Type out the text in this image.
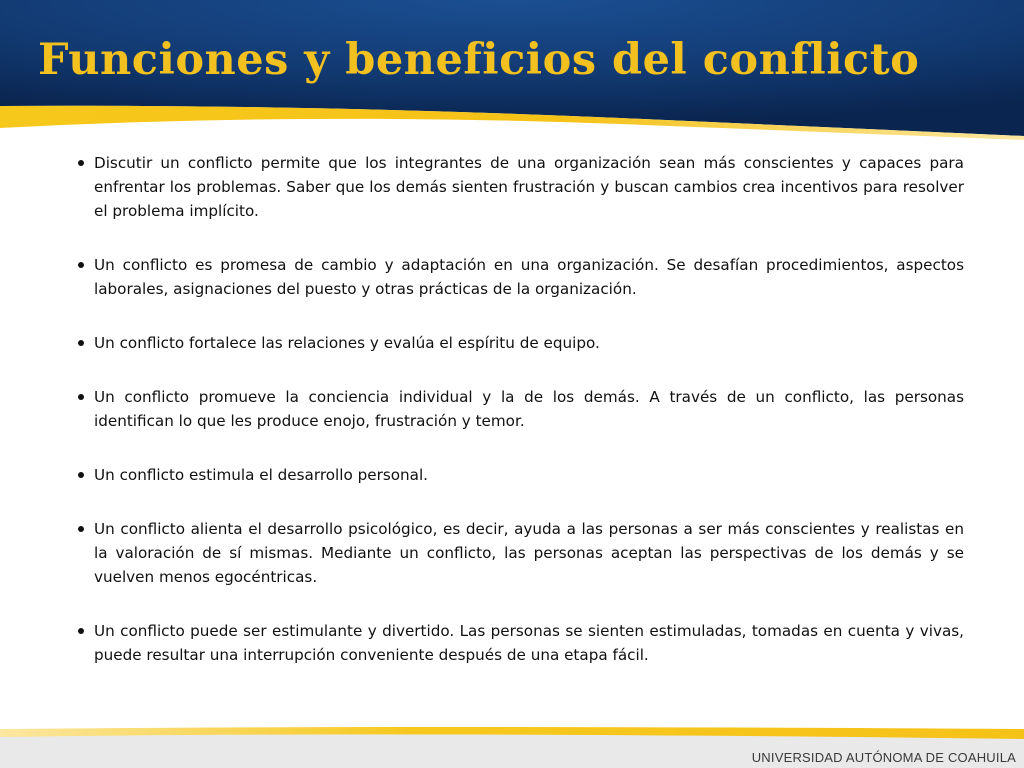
Funciones y beneficios del conflicto
Discutir un conflicto permite que los integrantes de una organización sean más conscientes y capaces para enfrentar los problemas. Saber que los demás sienten frustración y buscan cambios crea incentivos para resolver el problema implícito.
Un conflicto es promesa de cambio y adaptación en una organización. Se desafían procedimientos, aspectos laborales, asignaciones del puesto y otras prácticas de la organización.
Un conflicto fortalece las relaciones y evalúa el espíritu de equipo.
Un conflicto promueve la conciencia individual y la de los demás. A través de un conflicto, las personas identifican lo que les produce enojo, frustración y temor.
Un conflicto estimula el desarrollo personal.
Un conflicto alienta el desarrollo psicológico, es decir, ayuda a las personas a ser más conscientes y realistas en la valoración de sí mismas. Mediante un conflicto, las personas aceptan las perspectivas de los demás y se vuelven menos egocéntricas.
Un conflicto puede ser estimulante y divertido. Las personas se sienten estimuladas, tomadas en cuenta y vivas, puede resultar una interrupción conveniente después de una etapa fácil.
UNIVERSIDAD AUTÓNOMA DE COAHUILA
